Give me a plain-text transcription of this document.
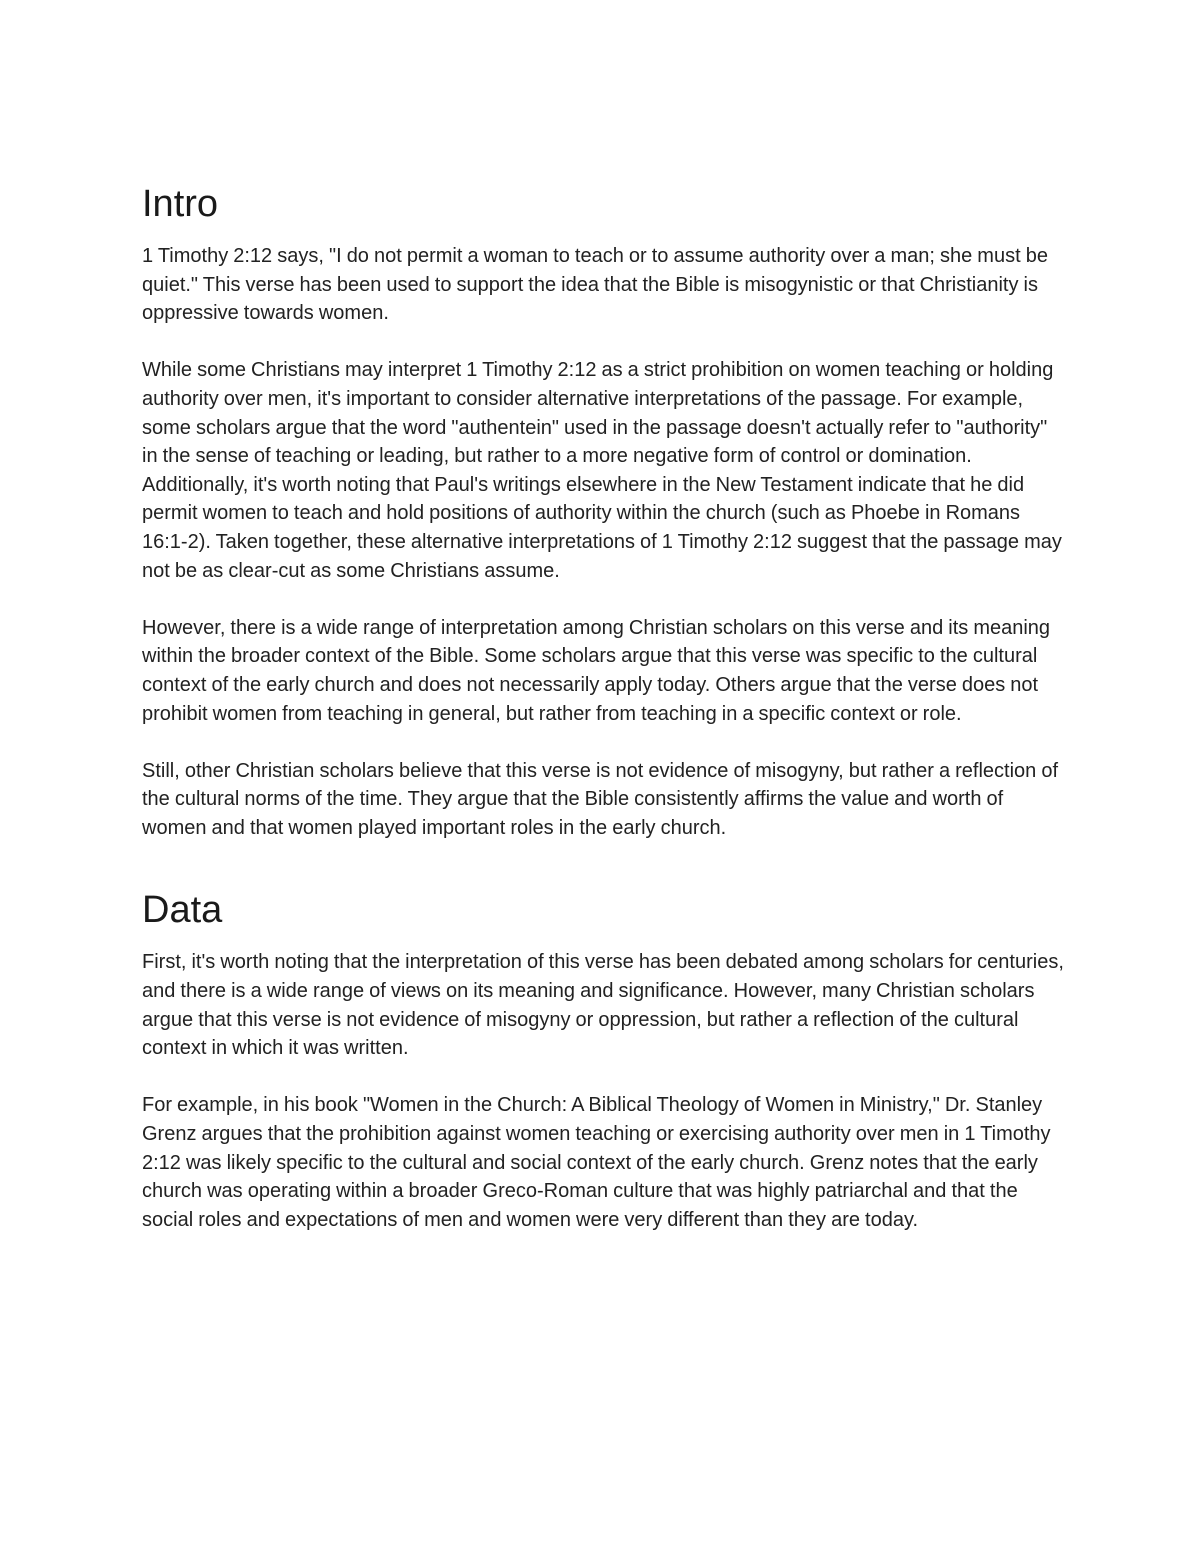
Intro

1 Timothy 2:12 says, "I do not permit a woman to teach or to assume authority over a man; she must be quiet." This verse has been used to support the idea that the Bible is misogynistic or that Christianity is oppressive towards women.

While some Christians may interpret 1 Timothy 2:12 as a strict prohibition on women teaching or holding authority over men, it's important to consider alternative interpretations of the passage. For example, some scholars argue that the word "authentein" used in the passage doesn't actually refer to "authority" in the sense of teaching or leading, but rather to a more negative form of control or domination. Additionally, it's worth noting that Paul's writings elsewhere in the New Testament indicate that he did permit women to teach and hold positions of authority within the church (such as Phoebe in Romans 16:1-2). Taken together, these alternative interpretations of 1 Timothy 2:12 suggest that the passage may not be as clear-cut as some Christians assume.

However, there is a wide range of interpretation among Christian scholars on this verse and its meaning within the broader context of the Bible. Some scholars argue that this verse was specific to the cultural context of the early church and does not necessarily apply today. Others argue that the verse does not prohibit women from teaching in general, but rather from teaching in a specific context or role.

Still, other Christian scholars believe that this verse is not evidence of misogyny, but rather a reflection of the cultural norms of the time. They argue that the Bible consistently affirms the value and worth of women and that women played important roles in the early church.

Data

First, it's worth noting that the interpretation of this verse has been debated among scholars for centuries, and there is a wide range of views on its meaning and significance. However, many Christian scholars argue that this verse is not evidence of misogyny or oppression, but rather a reflection of the cultural context in which it was written.

For example, in his book "Women in the Church: A Biblical Theology of Women in Ministry," Dr. Stanley Grenz argues that the prohibition against women teaching or exercising authority over men in 1 Timothy 2:12 was likely specific to the cultural and social context of the early church. Grenz notes that the early church was operating within a broader Greco-Roman culture that was highly patriarchal and that the social roles and expectations of men and women were very different than they are today.
